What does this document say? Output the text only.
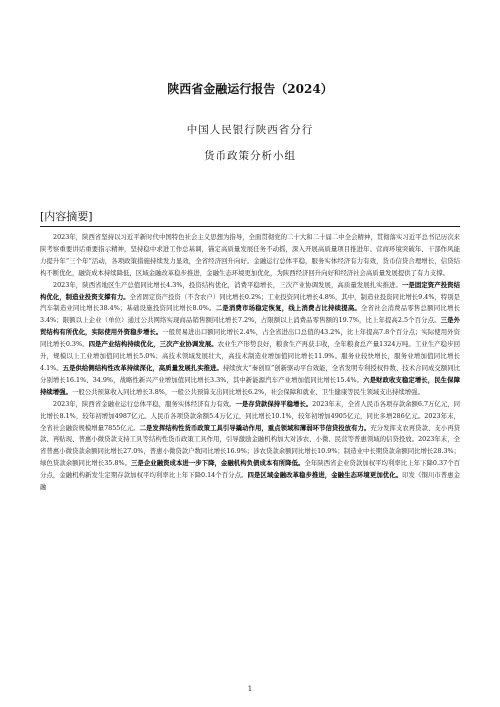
陕西省金融运行报告（2024）
中国人民银行陕西省分行
货币政策分析小组
[内容摘要]

2023年，陕西省坚持以习近平新时代中国特色社会主义思想为指导，全面贯彻党的二十大和二十届二中全会精神，贯彻落实习近平总书记历次来陕考察重要讲话重要指示精神，坚持稳中求进工作总基调，锚定高质量发展任务不动摇，深入开展高质量项目推进年、营商环境突破年、干部作风能力提升年“三个年”活动，各项政策措施持续发力显效，全省经济回升向好。金融运行总体平稳，服务实体经济有力有效，货币信贷合理增长，信贷结构不断优化，融资成本持续降低，区域金融改革稳步推进，金融生态环境更加优化，为陕西经济回升向好和经济社会高质量发展提供了有力支撑。

2023年，陕西省地区生产总值同比增长4.3%，投资结构优化，消费平稳增长，三次产业协调发展，高质量发展扎实推进。一是固定资产投资结构优化，制造业投资支撑有力。全省固定资产投资（不含农户）同比增长0.2%；工业投资同比增长4.8%，其中，制造业投资同比增长9.4%，特别是汽车制造业同比增长38.4%；基础设施投资同比增长8.0%。二是消费市场稳定恢复，线上消费占比持续提高。全省社会消费品零售总额同比增长3.4%；限额以上企业（单位）通过公共网络实现商品销售额同比增长7.2%，占限额以上消费品零售额的19.7%，比上年提高2.5个百分点。三是外贸结构有所优化，实际使用外资稳步增长。一般贸易进出口额同比增长2.4%，占全省进出口总值的43.2%，比上年提高7.8个百分点；实际使用外资同比增长0.3%。四是产业结构持续优化，三次产业协调发展。农业生产形势良好，粮食生产再获丰收，全年粮食总产量1324万吨。工业生产稳步回升，规模以上工业增加值同比增长5.0%；高技术领域发展壮大，高技术制造业增加值同比增长11.9%。服务业较快增长，服务业增加值同比增长4.1%。五是供给侧结构性改革持续深化，高质量发展扎实推进。持续放大“秦创原”创新驱动平台效能，全省发明专利授权件数、技术合同成交额同比分别增长16.1%、34.9%，战略性新兴产业增加值同比增长3.3%，其中新能源汽车产业增加值同比增长15.4%。六是财政收支稳定增长，民生保障持续增强。一般公共预算收入同比增长3.8%，一般公共预算支出同比增长6.2%，社会保障和就业、卫生健康等民生领域支出持续增强。

2023年，陕西省金融业运行总体平稳，服务实体经济有力有效。一是存贷款保持平稳增长。2023年末，全省人民币各项存款余额6.7万亿元，同比增长8.1%，较年初增加4987亿元。人民币各项贷款余额5.4万亿元，同比增长10.1%，较年初增加4905亿元，同比多增286亿元。2023年末，全省社会融资规模增量7855亿元。二是发挥结构性货币政策工具引导撬动作用，重点领域和薄弱环节信贷投放有力。充分发挥支农再贷款、支小再贷款、再贴现、普惠小微贷款支持工具等结构性货币政策工具作用，引导激励金融机构加大对涉农、小微、民营等普惠领域的信贷投放。2023年末，全省普惠小微贷款余额同比增长27.0%，普惠小微贷款户数同比增长16.9%；涉农贷款余额同比增长10.9%；制造业中长期贷款余额同比增长28.3%；绿色贷款余额同比增长35.8%。三是企业融资成本进一步下降，金融机构负债成本有所降低。全年陕西省企业贷款加权平均利率比上年下降0.37个百分点，金融机构新发生定期存款加权平均利率比上年下降0.14个百分点。四是区域金融改革稳步推进，金融生态环境更加优化。印发《铜川市普惠金融

1
